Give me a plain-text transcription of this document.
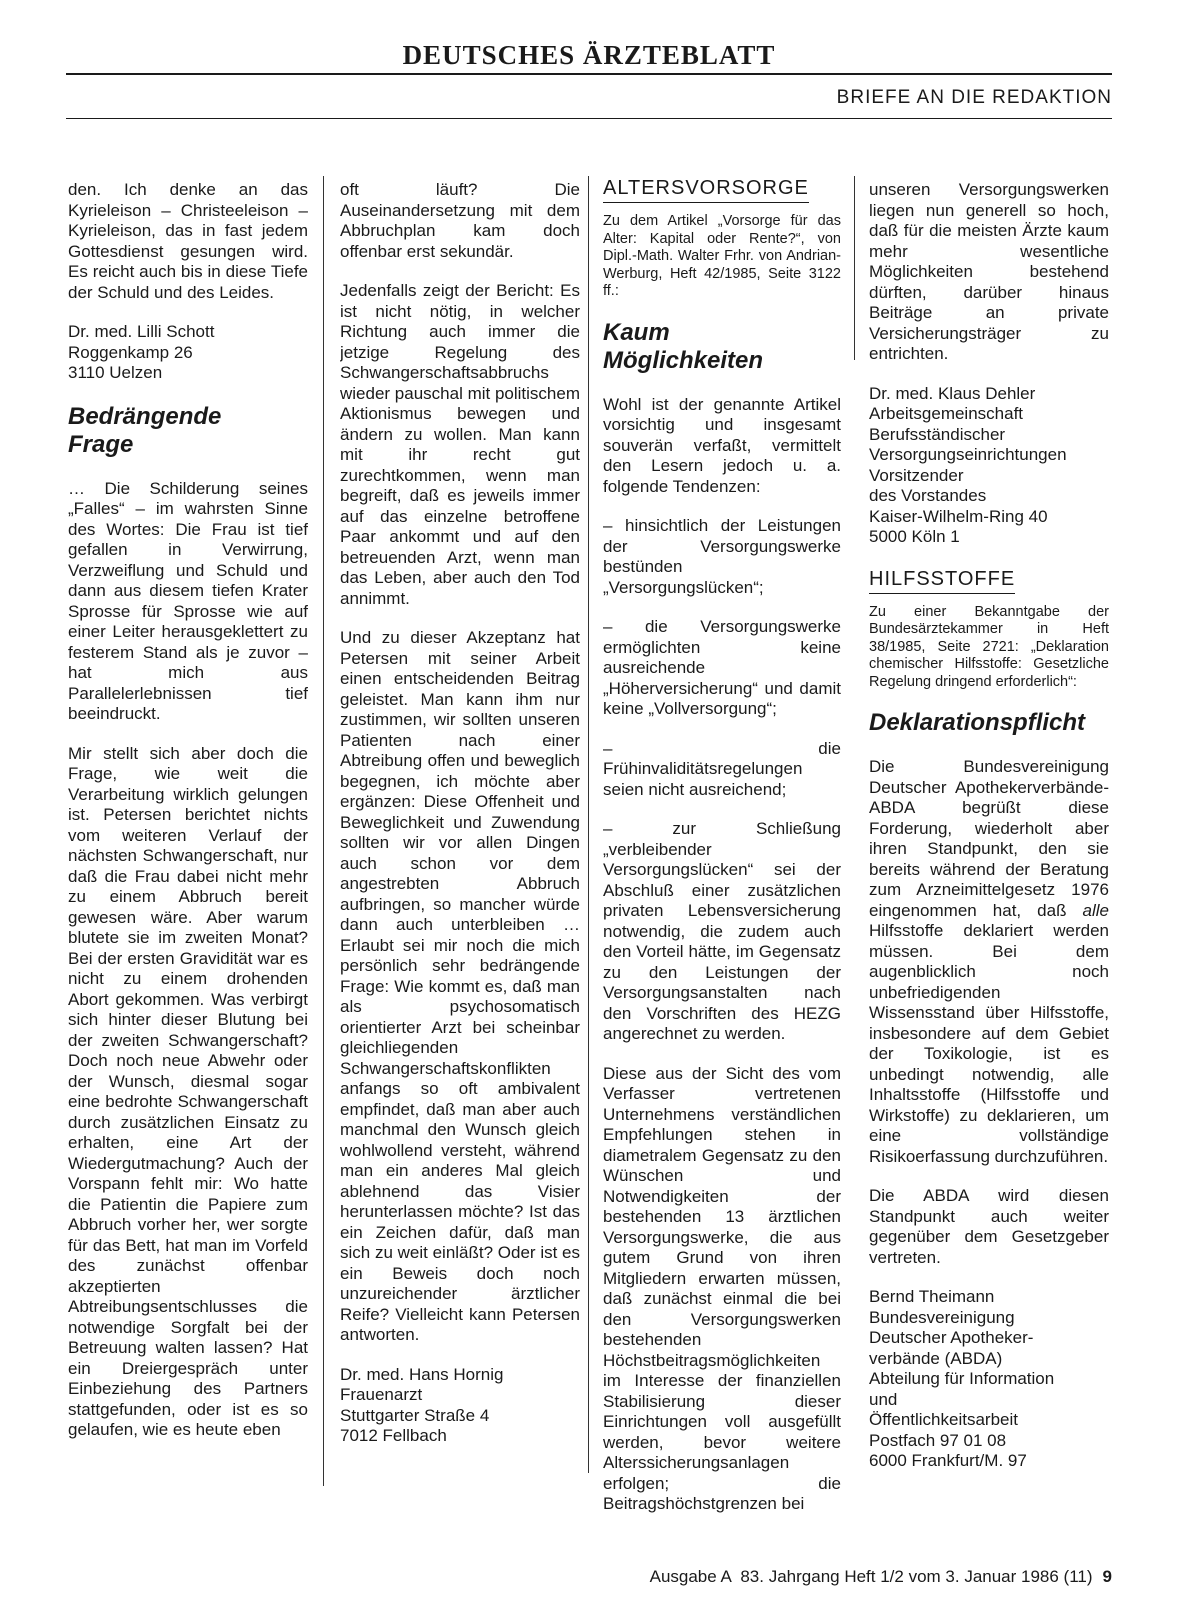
DEUTSCHES ÄRZTEBLATT
BRIEFE AN DIE REDAKTION

den. Ich denke an das Kyrieleison – Christeeleison – Kyrieleison, das in fast jedem Gottesdienst gesungen wird. Es reicht auch bis in diese Tiefe der Schuld und des Leides.

Dr. med. Lilli Schott
Roggenkamp 26
3110 Uelzen
Bedrängende Frage

… Die Schilderung seines „Falles“ – im wahrsten Sinne des Wortes: Die Frau ist tief gefallen in Verwirrung, Verzweiflung und Schuld und dann aus diesem tiefen Krater Sprosse für Sprosse wie auf einer Leiter herausgeklettert zu festerem Stand als je zuvor – hat mich aus Parallelerlebnissen tief beeindruckt.

Mir stellt sich aber doch die Frage, wie weit die Verarbeitung wirklich gelungen ist. Petersen berichtet nichts vom weiteren Verlauf der nächsten Schwangerschaft, nur daß die Frau dabei nicht mehr zu einem Abbruch bereit gewesen wäre. Aber warum blutete sie im zweiten Monat? Bei der ersten Gravidität war es nicht zu einem drohenden Abort gekommen. Was verbirgt sich hinter dieser Blutung bei der zweiten Schwangerschaft? Doch noch neue Abwehr oder der Wunsch, diesmal sogar eine bedrohte Schwangerschaft durch zusätzlichen Einsatz zu erhalten, eine Art der Wiedergutmachung? Auch der Vorspann fehlt mir: Wo hatte die Patientin die Papiere zum Abbruch vorher her, wer sorgte für das Bett, hat man im Vorfeld des zunächst offenbar akzeptierten Abtreibungsentschlusses die notwendige Sorgfalt bei der Betreuung walten lassen? Hat ein Dreiergespräch unter Einbeziehung des Partners stattgefunden, oder ist es so gelaufen, wie es heute eben

oft läuft? Die Auseinandersetzung mit dem Abbruchplan kam doch offenbar erst sekundär.

Jedenfalls zeigt der Bericht: Es ist nicht nötig, in welcher Richtung auch immer die jetzige Regelung des Schwangerschaftsabbruchs wieder pauschal mit politischem Aktionismus bewegen und ändern zu wollen. Man kann mit ihr recht gut zurechtkommen, wenn man begreift, daß es jeweils immer auf das einzelne betroffene Paar ankommt und auf den betreuenden Arzt, wenn man das Leben, aber auch den Tod annimmt.

Und zu dieser Akzeptanz hat Petersen mit seiner Arbeit einen entscheidenden Beitrag geleistet. Man kann ihm nur zustimmen, wir sollten unseren Patienten nach einer Abtreibung offen und beweglich begegnen, ich möchte aber ergänzen: Diese Offenheit und Beweglichkeit und Zuwendung sollten wir vor allen Dingen auch schon vor dem angestrebten Abbruch aufbringen, so mancher würde dann auch unterbleiben … Erlaubt sei mir noch die mich persönlich sehr bedrängende Frage: Wie kommt es, daß man als psychosomatisch orientierter Arzt bei scheinbar gleichliegenden Schwangerschaftskonflikten anfangs so oft ambivalent empfindet, daß man aber auch manchmal den Wunsch gleich wohlwollend versteht, während man ein anderes Mal gleich ablehnend das Visier herunterlassen möchte? Ist das ein Zeichen dafür, daß man sich zu weit einläßt? Oder ist es ein Beweis doch noch unzureichender ärztlicher Reife? Vielleicht kann Petersen antworten.

Dr. med. Hans Hornig
Frauenarzt
Stuttgarter Straße 4
7012 Fellbach
ALTERSVORSORGE

Zu dem Artikel „Vorsorge für das Alter: Kapital oder Rente?“, von Dipl.-Math. Walter Frhr. von Andrian-Werburg, Heft 42/1985, Seite 3122 ff.:

Kaum Möglichkeiten

Wohl ist der genannte Artikel vorsichtig und insgesamt souverän verfaßt, vermittelt den Lesern jedoch u. a. folgende Tendenzen:

– hinsichtlich der Leistungen der Versorgungswerke bestünden „Versorgungslücken“;

– die Versorgungswerke ermöglichten keine ausreichende „Höherversicherung“ und damit keine „Vollversorgung“;

– die Frühinvaliditätsregelungen seien nicht ausreichend;

– zur Schließung „verbleibender Versorgungslücken“ sei der Abschluß einer zusätzlichen privaten Lebensversicherung notwendig, die zudem auch den Vorteil hätte, im Gegensatz zu den Leistungen der Versorgungsanstalten nach den Vorschriften des HEZG angerechnet zu werden.

Diese aus der Sicht des vom Verfasser vertretenen Unternehmens verständlichen Empfehlungen stehen in diametralem Gegensatz zu den Wünschen und Notwendigkeiten der bestehenden 13 ärztlichen Versorgungswerke, die aus gutem Grund von ihren Mitgliedern erwarten müssen, daß zunächst einmal die bei den Versorgungswerken bestehenden Höchstbeitragsmöglichkeiten im Interesse der finanziellen Stabilisierung dieser Einrichtungen voll ausgefüllt werden, bevor weitere Alterssicherungsanlagen erfolgen; die Beitragshöchstgrenzen bei

unseren Versorgungswerken liegen nun generell so hoch, daß für die meisten Ärzte kaum mehr wesentliche Möglichkeiten bestehend dürften, darüber hinaus Beiträge an private Versicherungsträger zu entrichten.

Dr. med. Klaus Dehler
Arbeitsgemeinschaft
Berufsständischer
Versorgungseinrichtungen
Vorsitzender
des Vorstandes
Kaiser-Wilhelm-Ring 40
5000 Köln 1
HILFSSTOFFE

Zu einer Bekanntgabe der Bundesärztekammer in Heft 38/1985, Seite 2721: „Deklaration chemischer Hilfsstoffe: Gesetzliche Regelung dringend erforderlich“:

Deklarationspflicht

Die Bundesvereinigung Deutscher Apothekerverbände-ABDA begrüßt diese Forderung, wiederholt aber ihren Standpunkt, den sie bereits während der Beratung zum Arzneimittelgesetz 1976 eingenommen hat, daß alle Hilfsstoffe deklariert werden müssen. Bei dem augenblicklich noch unbefriedigenden Wissensstand über Hilfsstoffe, insbesondere auf dem Gebiet der Toxikologie, ist es unbedingt notwendig, alle Inhaltsstoffe (Hilfsstoffe und Wirkstoffe) zu deklarieren, um eine vollständige Risikoerfassung durchzuführen.

Die ABDA wird diesen Standpunkt auch weiter gegenüber dem Gesetzgeber vertreten.

Bernd Theimann
Bundesvereinigung
Deutscher Apotheker-
verbände (ABDA)
Abteilung für Information
und
Öffentlichkeitsarbeit
Postfach 97 01 08
6000 Frankfurt/M. 97
Ausgabe A  83. Jahrgang Heft 1/2 vom 3. Januar 1986 (11) 9
